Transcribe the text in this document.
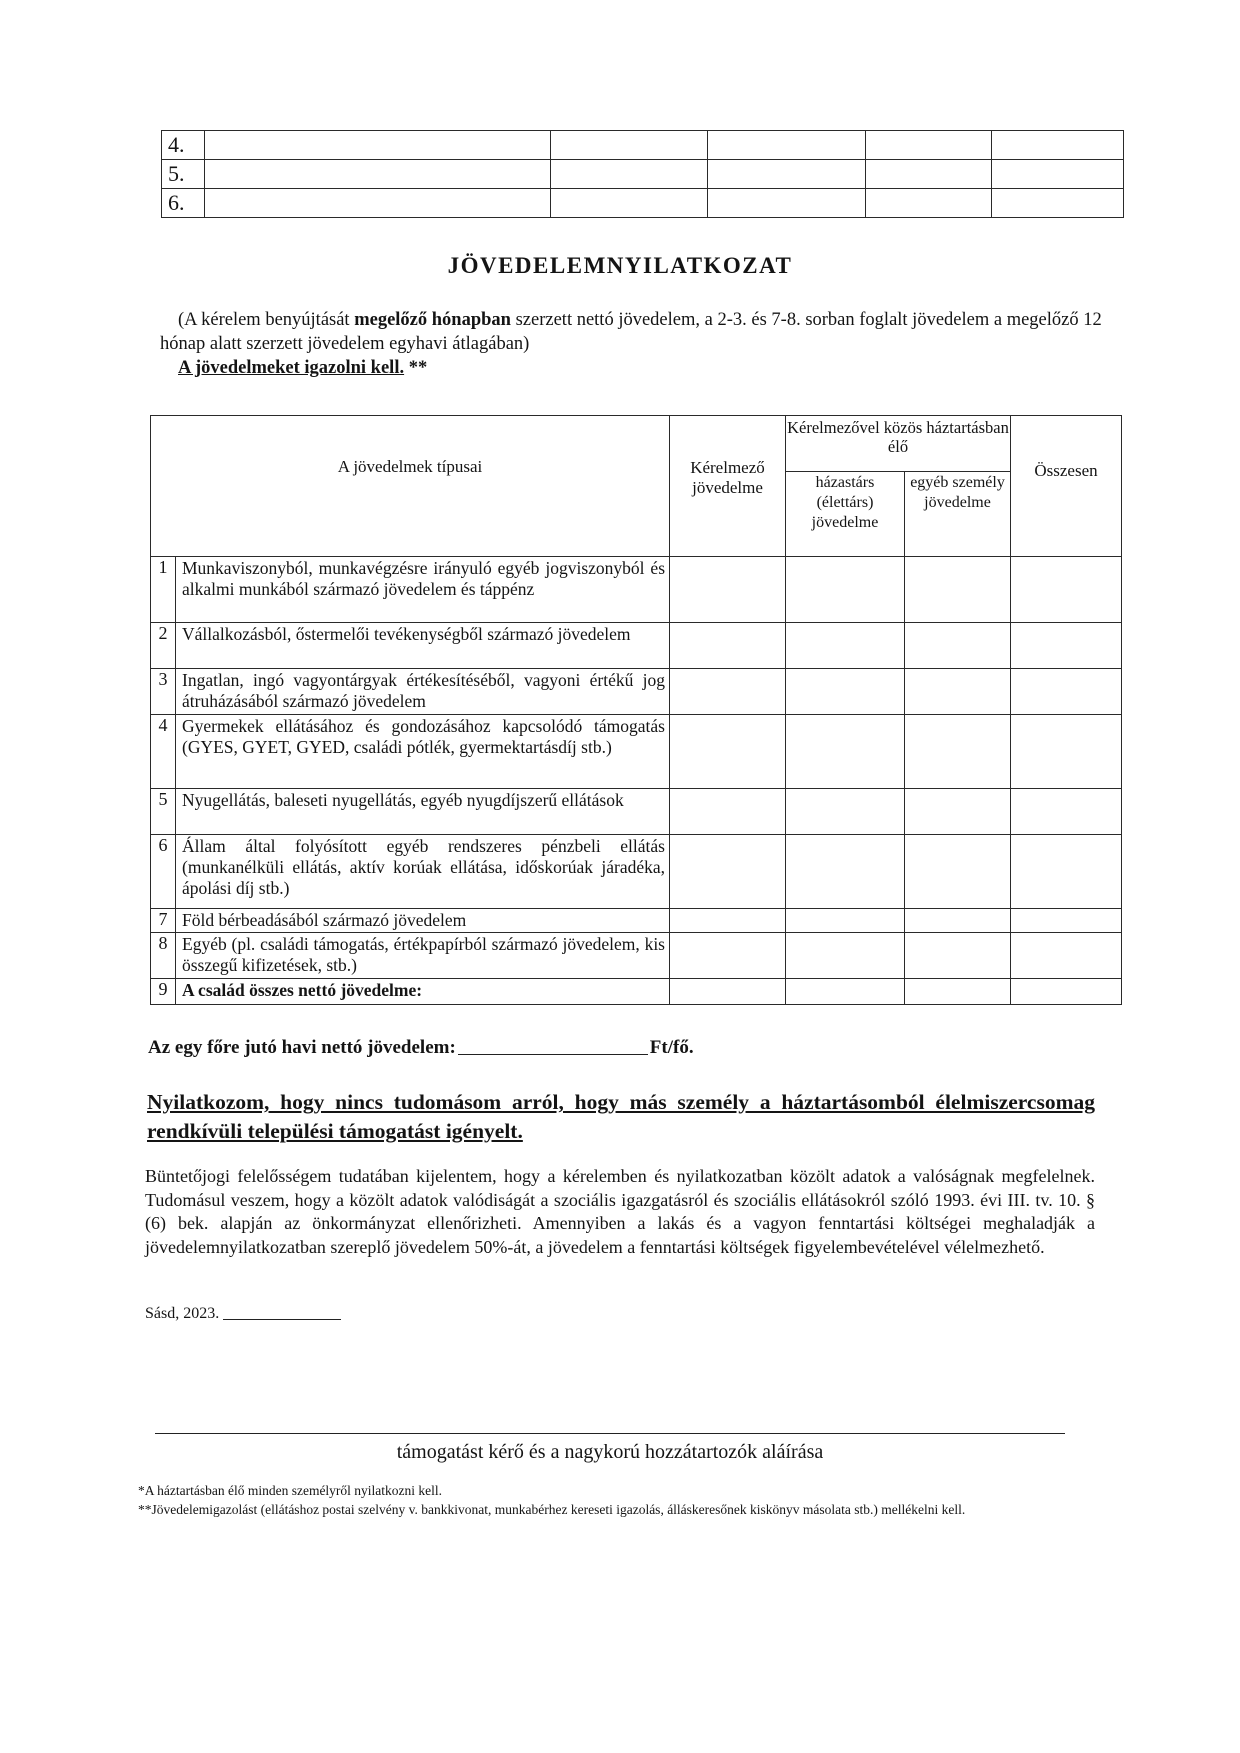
4.					
5.					
6.					
JÖVEDELEMNYILATKOZAT
(A kérelem benyújtását megelőző hónapban szerzett nettó jövedelem, a 2-3. és 7-8. sorban foglalt jövedelem a megelőző 12 hónap alatt szerzett jövedelem egyhavi átlagában)
A jövedelmeket igazolni kell. **
A jövedelmek típusai		Kérelmező jövedelme	Kérelmezővel közös háztartásban élő		Összesen
			házastárs (élettárs) jövedelme	egyéb személy jövedelme	
1	Munkaviszonyból, munkavégzésre irányuló egyéb jogviszonyból és alkalmi munkából származó jövedelem és táppénz				
2	Vállalkozásból, őstermelői tevékenységből származó jövedelem				
3	Ingatlan, ingó vagyontárgyak értékesítéséből, vagyoni értékű jog átruházásából származó jövedelem				
4	Gyermekek ellátásához és gondozásához kapcsolódó támogatás (GYES, GYET, GYED, családi pótlék, gyermektartásdíj stb.)				
5	Nyugellátás, baleseti nyugellátás, egyéb nyugdíjszerű ellátások				
6	Állam által folyósított egyéb rendszeres pénzbeli ellátás (munkanélküli ellátás, aktív korúak ellátása, időskorúak járadéka, ápolási díj stb.)				
7	Föld bérbeadásából származó jövedelem				
8	Egyéb (pl. családi támogatás, értékpapírból származó jövedelem, kis összegű kifizetések, stb.)				
9	A család összes nettó jövedelme:				
Az egy főre jutó havi nettó jövedelem:	Ft/fő.
Nyilatkozom, hogy nincs tudomásom arról, hogy más személy a háztartásomból élelmiszercsomag rendkívüli települési támogatást igényelt.
Büntetőjogi felelősségem tudatában kijelentem, hogy a kérelemben és nyilatkozatban közölt adatok a valóságnak megfelelnek. Tudomásul veszem, hogy a közölt adatok valódiságát a szociális igazgatásról és szociális ellátásokról szóló 1993. évi III. tv. 10. § (6) bek. alapján az önkormányzat ellenőrizheti. Amennyiben a lakás és a vagyon fenntartási költségei meghaladják a jövedelemnyilatkozatban szereplő jövedelem 50%-át, a jövedelem a fenntartási költségek figyelembevételével vélelmezhető.
Sásd, 2023.
támogatást kérő és a nagykorú hozzátartozók aláírása
*A háztartásban élő minden személyről nyilatkozni kell.
**Jövedelemigazolást (ellátáshoz postai szelvény v. bankkivonat, munkabérhez kereseti igazolás, álláskeresőnek kiskönyv másolata stb.) mellékelni kell.
